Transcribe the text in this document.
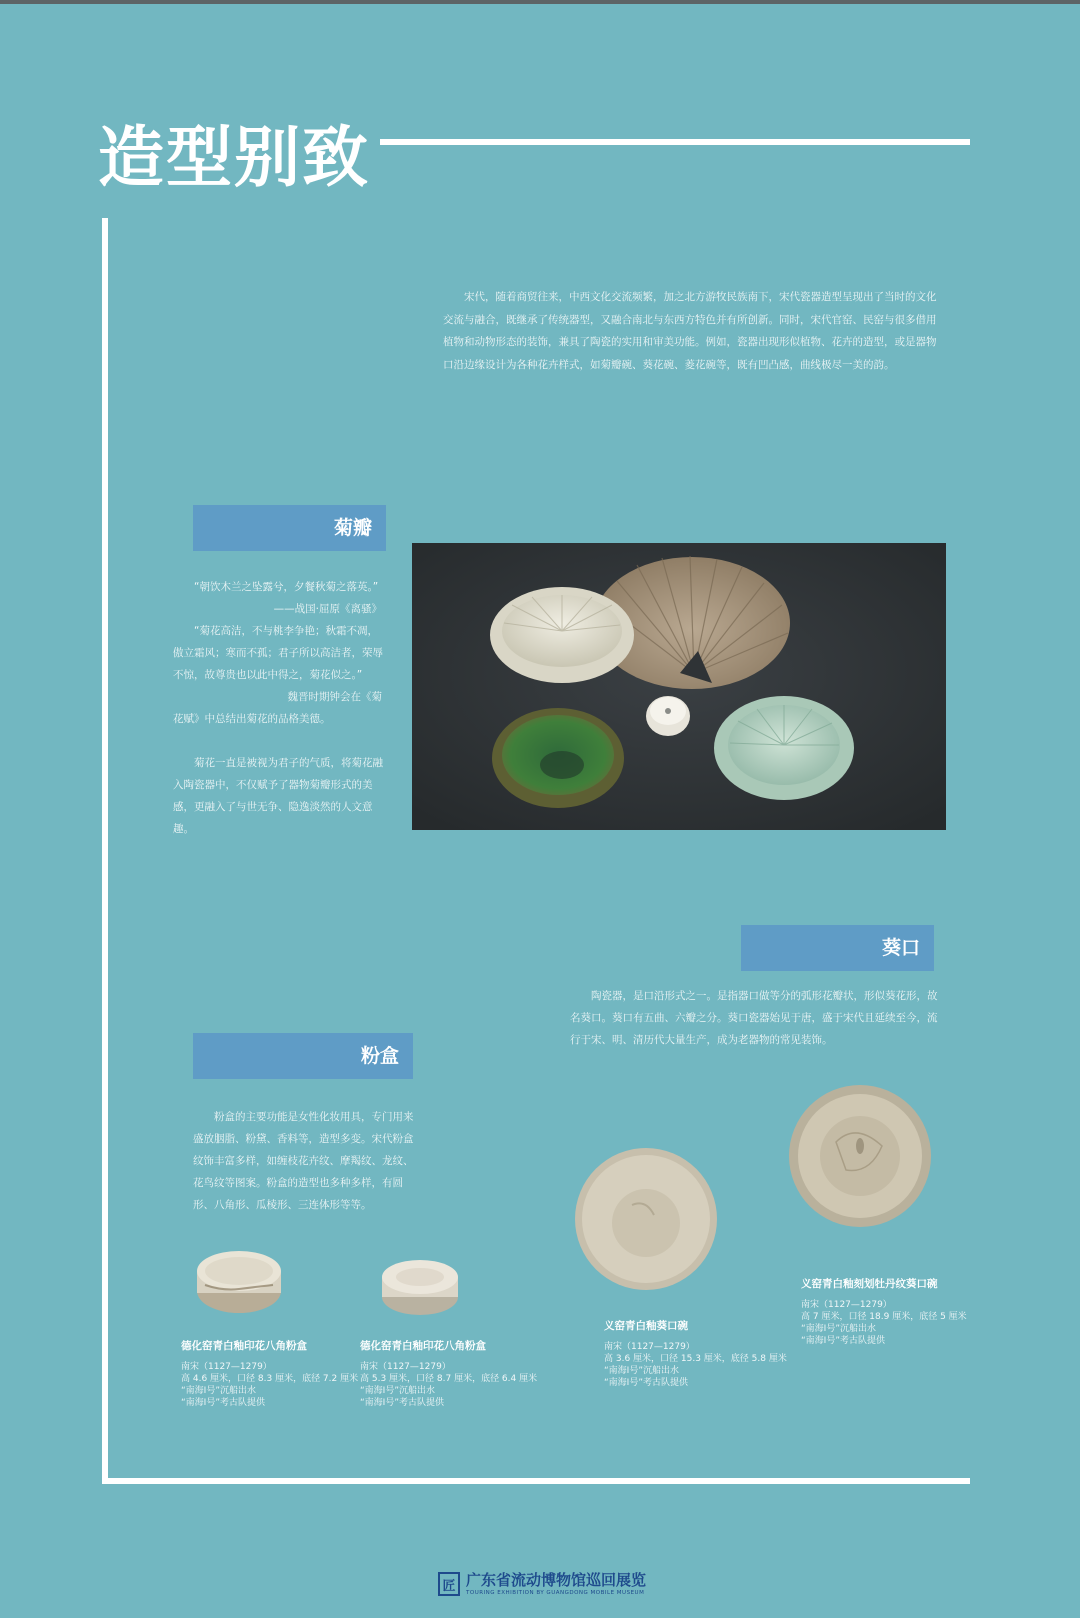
造型别致
宋代，随着商贸往来，中西文化交流频繁，加之北方游牧民族南下，宋代瓷器造型呈现出了当时的文化交流与融合，既继承了传统器型，又融合南北与东西方特色并有所创新。同时，宋代官窑、民窑与很多借用植物和动物形态的装饰，兼具了陶瓷的实用和审美功能。例如，瓷器出现形似植物、花卉的造型，或是器物口沿边缘设计为各种花卉样式，如菊瓣碗、葵花碗、菱花碗等，既有凹凸感，曲线极尽一美的韵。
菊瓣

“朝饮木兰之坠露兮，夕餐秋菊之落英。”

——战国·屈原《离骚》

“菊花高洁，不与桃李争艳；秋霜不凋，傲立霜风；寒而不孤；君子所以高洁者，荣辱不惊，故尊贵也以此中得之，菊花似之。”

魏晋时期钟会在《菊

花赋》中总结出菊花的品格美德。

菊花一直是被视为君子的气质，将菊花融入陶瓷器中，不仅赋予了器物菊瓣形式的美感，更融入了与世无争、隐逸淡然的人文意趣。

葵口
陶瓷器，是口沿形式之一。是指器口做等分的弧形花瓣状，形似葵花形，故名葵口。葵口有五曲、六瓣之分。葵口瓷器始见于唐，盛于宋代且延续至今，流行于宋、明、清历代大量生产，成为老器物的常见装饰。
粉盒
粉盒的主要功能是女性化妆用具，专门用来盛放胭脂、粉黛、香料等，造型多变。宋代粉盒纹饰丰富多样，如缠枝花卉纹、摩羯纹、龙纹、花鸟纹等图案。粉盒的造型也多种多样，有圆形、八角形、瓜棱形、三连体形等等。
德化窑青白釉印花八角粉盒
南宋（1127—1279）
高 4.6 厘米，口径 8.3 厘米，底径 7.2 厘米
“南海Ⅰ号”沉船出水
“南海Ⅰ号”考古队提供
德化窑青白釉印花八角粉盒
南宋（1127—1279）
高 5.3 厘米，口径 8.7 厘米，底径 6.4 厘米
“南海Ⅰ号”沉船出水
“南海Ⅰ号”考古队提供
义窑青白釉葵口碗
南宋（1127—1279）
高 3.6 厘米，口径 15.3 厘米，底径 5.8 厘米
“南海Ⅰ号”沉船出水
“南海Ⅰ号”考古队提供
义窑青白釉刻划牡丹纹葵口碗
南宋（1127—1279）
高 7 厘米，口径 18.9 厘米，底径 5 厘米
“南海Ⅰ号”沉船出水
“南海Ⅰ号”考古队提供
匠 广东省流动博物馆巡回展览
TOURING EXHIBITION BY GUANGDONG MOBILE MUSEUM
